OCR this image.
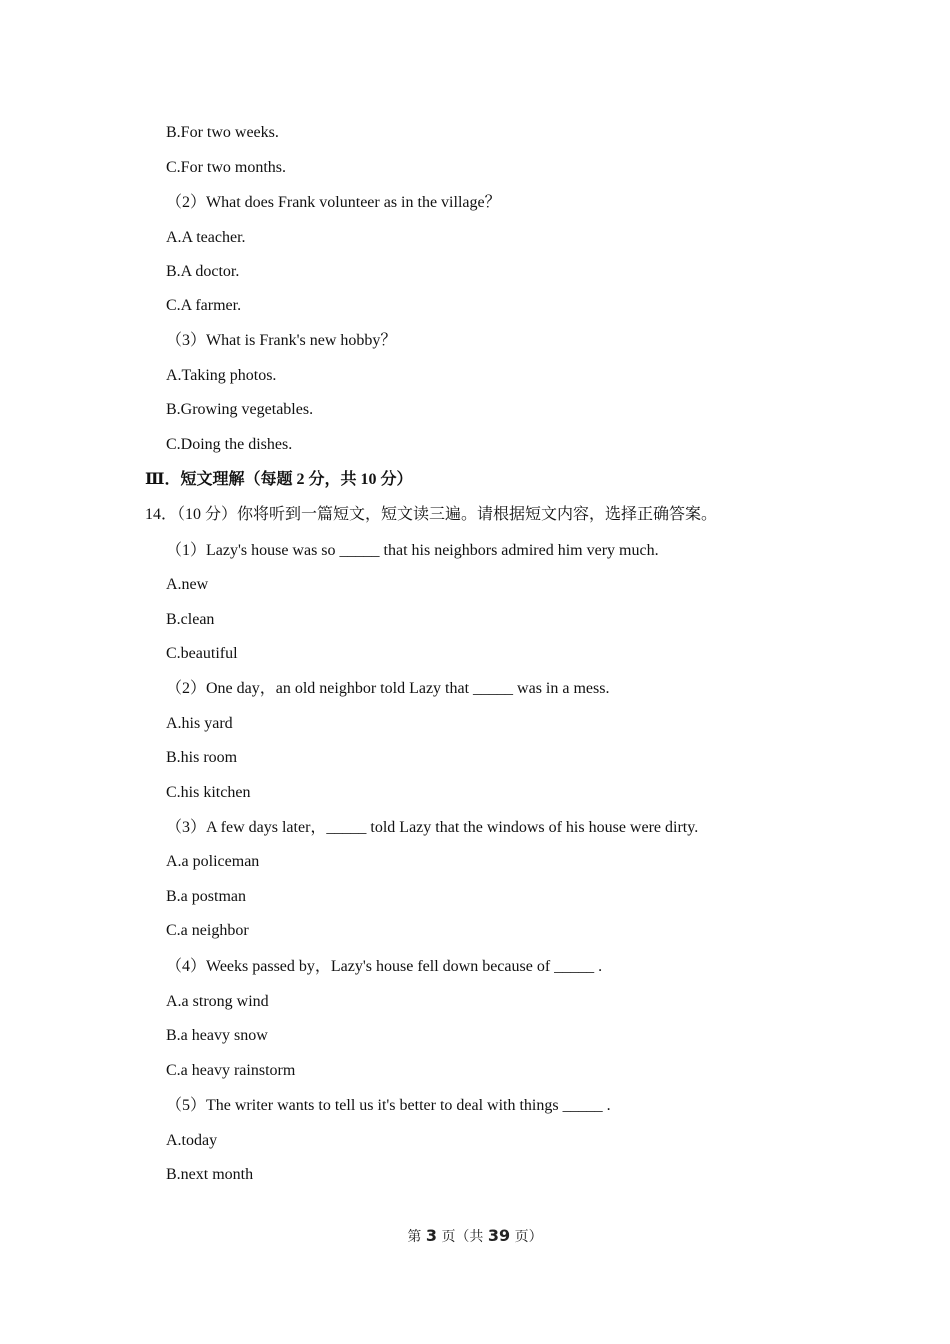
B.For two weeks.
C.For two months.
（2）What does Frank volunteer as in the village？
A.A teacher.
B.A doctor.
C.A farmer.
（3）What is Frank's new hobby？
A.Taking photos.
B.Growing vegetables.
C.Doing the dishes.
Ⅲ．短文理解（每题 2 分，共 10 分）
14．（10 分）你将听到一篇短文，短文读三遍。请根据短文内容，选择正确答案。
（1）Lazy's house was so _____ that his neighbors admired him very much.
A.new
B.clean
C.beautiful
（2）One day，an old neighbor told Lazy that _____ was in a mess.
A.his yard
B.his room
C.his kitchen
（3）A few days later，_____ told Lazy that the windows of his house were dirty.
A.a policeman
B.a postman
C.a neighbor
（4）Weeks passed by，Lazy's house fell down because of _____ .
A.a strong wind
B.a heavy snow
C.a heavy rainstorm
（5）The writer wants to tell us it's better to deal with things _____ .
A.today
B.next month
第 3 页（共 39 页）
